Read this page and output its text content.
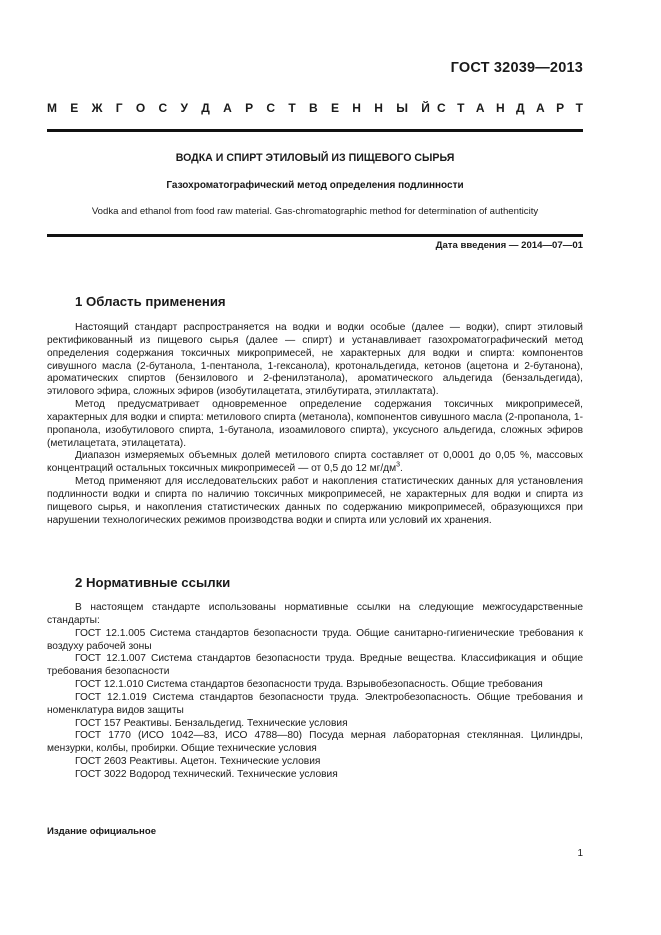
ГОСТ 32039—2013
М Е Ж Г О С У Д А Р С Т В Е Н Н Ы Й С Т А Н Д А Р Т
ВОДКА И СПИРТ ЭТИЛОВЫЙ ИЗ ПИЩЕВОГО СЫРЬЯ
Газохроматографический метод определения подлинности
Vodka and ethanol from food raw material. Gas-chromatographic method for determination of authenticity
Дата введения — 2014—07—01
1 Область применения

Настоящий стандарт распространяется на водки и водки особые (далее — водки), спирт этиловый ректификованный из пищевого сырья (далее — спирт) и устанавливает газохроматографический метод определения содержания токсичных микропримесей, не характерных для водки и спирта: компонентов сивушного масла (2-бутанола, 1-пентанола, 1-гексанола), кротональдегида, кетонов (ацетона и 2-бутанона), ароматических спиртов (бензилового и 2-фенилэтанола), ароматического альдегида (бензальдегида), этилового эфира, сложных эфиров (изобутилацетата, этилбутирата, этиллактата).

Метод предусматривает одновременное определение содержания токсичных микропримесей, характерных для водки и спирта: метилового спирта (метанола), компонентов сивушного масла (2-пропанола, 1-пропанола, изобутилового спирта, 1-бутанола, изоамилового спирта), уксусного альдегида, сложных эфиров (метилацетата, этилацетата).

Диапазон измеряемых объемных долей метилового спирта составляет от 0,0001 до 0,05 %, массовых концентраций остальных токсичных микропримесей — от 0,5 до 12 $мг/дм^3$.

Метод применяют для исследовательских работ и накопления статистических данных для установления подлинности водки и спирта по наличию токсичных микропримесей, не характерных для водки и спирта из пищевого сырья, и накопления статистических данных по содержанию микропримесей, образующихся при нарушении технологических режимов производства водки и спирта или условий их хранения.

2 Нормативные ссылки

В настоящем стандарте использованы нормативные ссылки на следующие межгосударственные стандарты:

ГОСТ 12.1.005 Система стандартов безопасности труда. Общие санитарно-гигиенические требования к воздуху рабочей зоны

ГОСТ 12.1.007 Система стандартов безопасности труда. Вредные вещества. Классификация и общие требования безопасности

ГОСТ 12.1.010 Система стандартов безопасности труда. Взрывобезопасность. Общие требования

ГОСТ 12.1.019 Система стандартов безопасности труда. Электробезопасность. Общие требования и номенклатура видов защиты

ГОСТ 157 Реактивы. Бензальдегид. Технические условия

ГОСТ 1770 (ИСО 1042—83, ИСО 4788—80) Посуда мерная лабораторная стеклянная. Цилиндры, мензурки, колбы, пробирки. Общие технические условия

ГОСТ 2603 Реактивы. Ацетон. Технические условия

ГОСТ 3022 Водород технический. Технические условия

Издание официальное
1
